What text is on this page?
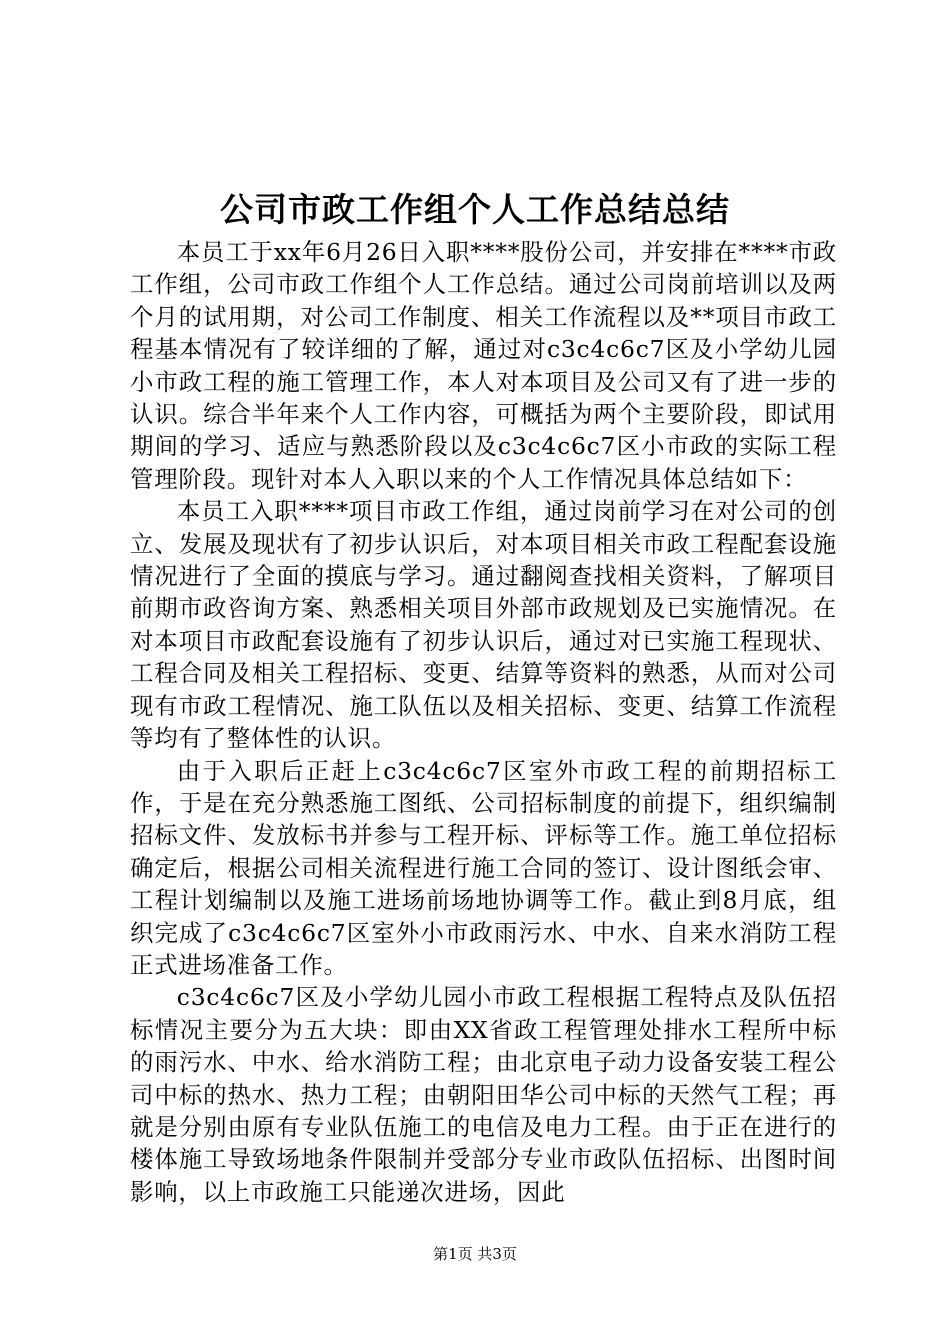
公司市政工作组个人工作总结总结

本员工于xx年6月26日入职****股份公司，并安排在****市政工作组，公司市政工作组个人工作总结。通过公司岗前培训以及两个月的试用期，对公司工作制度、相关工作流程以及**项目市政工程基本情况有了较详细的了解，通过对c3c4c6c7区及小学幼儿园小市政工程的施工管理工作，本人对本项目及公司又有了进一步的认识。综合半年来个人工作内容，可概括为两个主要阶段，即试用期间的学习、适应与熟悉阶段以及c3c4c6c7区小市政的实际工程管理阶段。现针对本人入职以来的个人工作情况具体总结如下：

本员工入职****项目市政工作组，通过岗前学习在对公司的创立、发展及现状有了初步认识后，对本项目相关市政工程配套设施情况进行了全面的摸底与学习。通过翻阅查找相关资料，了解项目前期市政咨询方案、熟悉相关项目外部市政规划及已实施情况。在对本项目市政配套设施有了初步认识后，通过对已实施工程现状、工程合同及相关工程招标、变更、结算等资料的熟悉，从而对公司现有市政工程情况、施工队伍以及相关招标、变更、结算工作流程等均有了整体性的认识。

由于入职后正赶上c3c4c6c7区室外市政工程的前期招标工作，于是在充分熟悉施工图纸、公司招标制度的前提下，组织编制招标文件、发放标书并参与工程开标、评标等工作。施工单位招标确定后，根据公司相关流程进行施工合同的签订、设计图纸会审、工程计划编制以及施工进场前场地协调等工作。截止到8月底，组织完成了c3c4c6c7区室外小市政雨污水、中水、自来水消防工程正式进场准备工作。

c3c4c6c7区及小学幼儿园小市政工程根据工程特点及队伍招标情况主要分为五大块：即由XX省政工程管理处排水工程所中标的雨污水、中水、给水消防工程；由北京电子动力设备安装工程公司中标的热水、热力工程；由朝阳田华公司中标的天然气工程；再就是分别由原有专业队伍施工的电信及电力工程。由于正在进行的楼体施工导致场地条件限制并受部分专业市政队伍招标、出图时间影响，以上市政施工只能递次进场，因此

第1页 共3页
